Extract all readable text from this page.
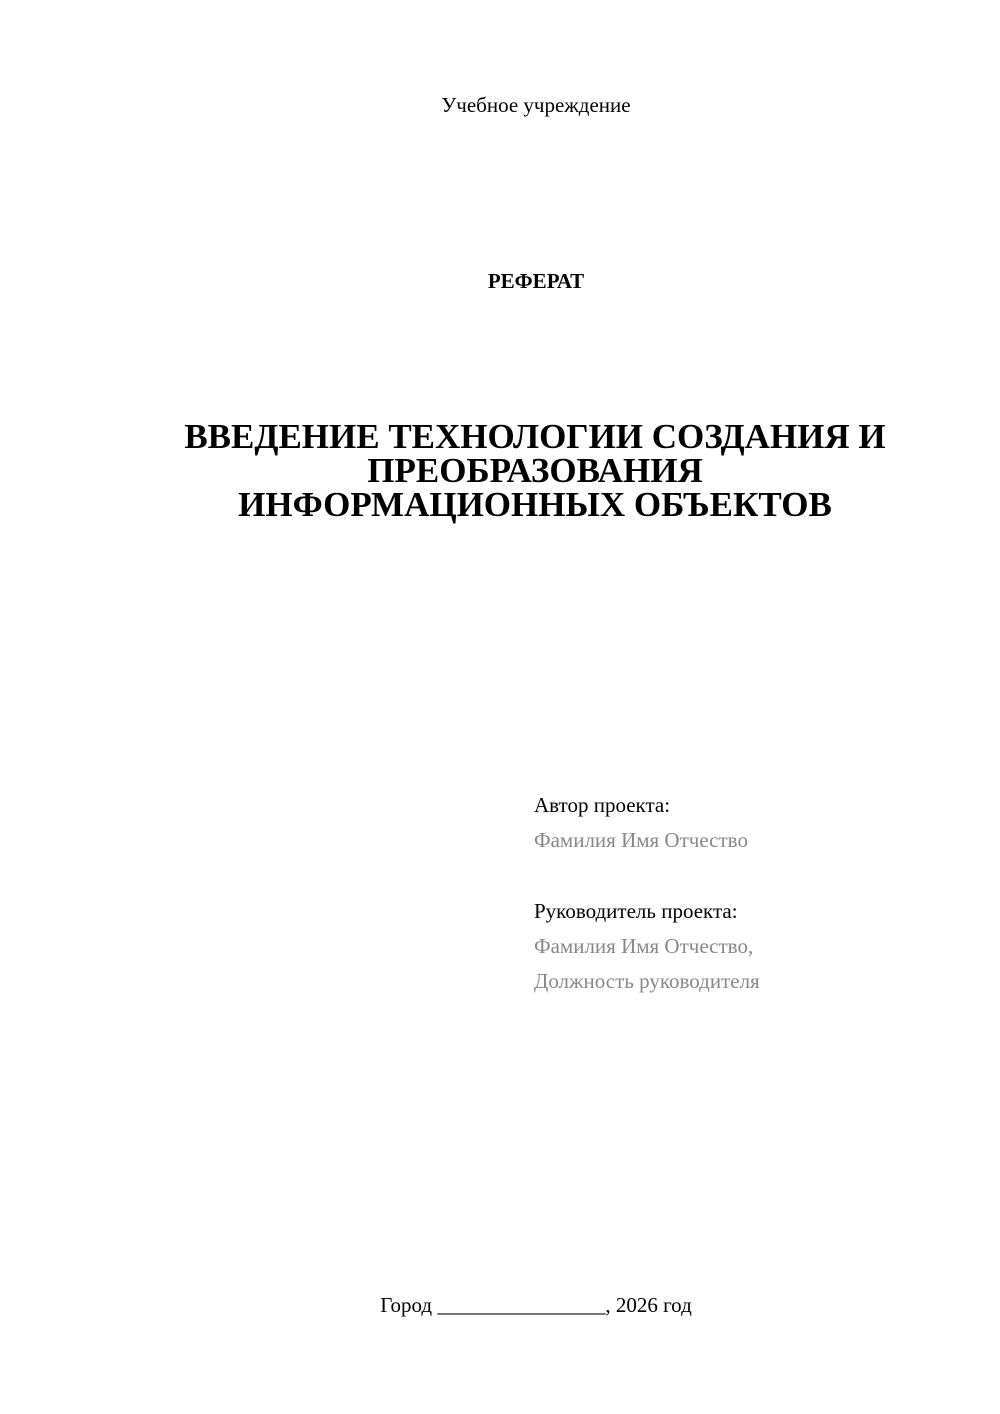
Учебное учреждение
РЕФЕРАТ
ВВЕДЕНИЕ ТЕХНОЛОГИИ СОЗДАНИЯ И
ПРЕОБРАЗОВАНИЯ
ИНФОРМАЦИОННЫХ ОБЪЕКТОВ
Автор проекта:
Фамилия Имя Отчество
Руководитель проекта:
Фамилия Имя Отчество,
Должность руководителя
Город ________________, 2026 год
